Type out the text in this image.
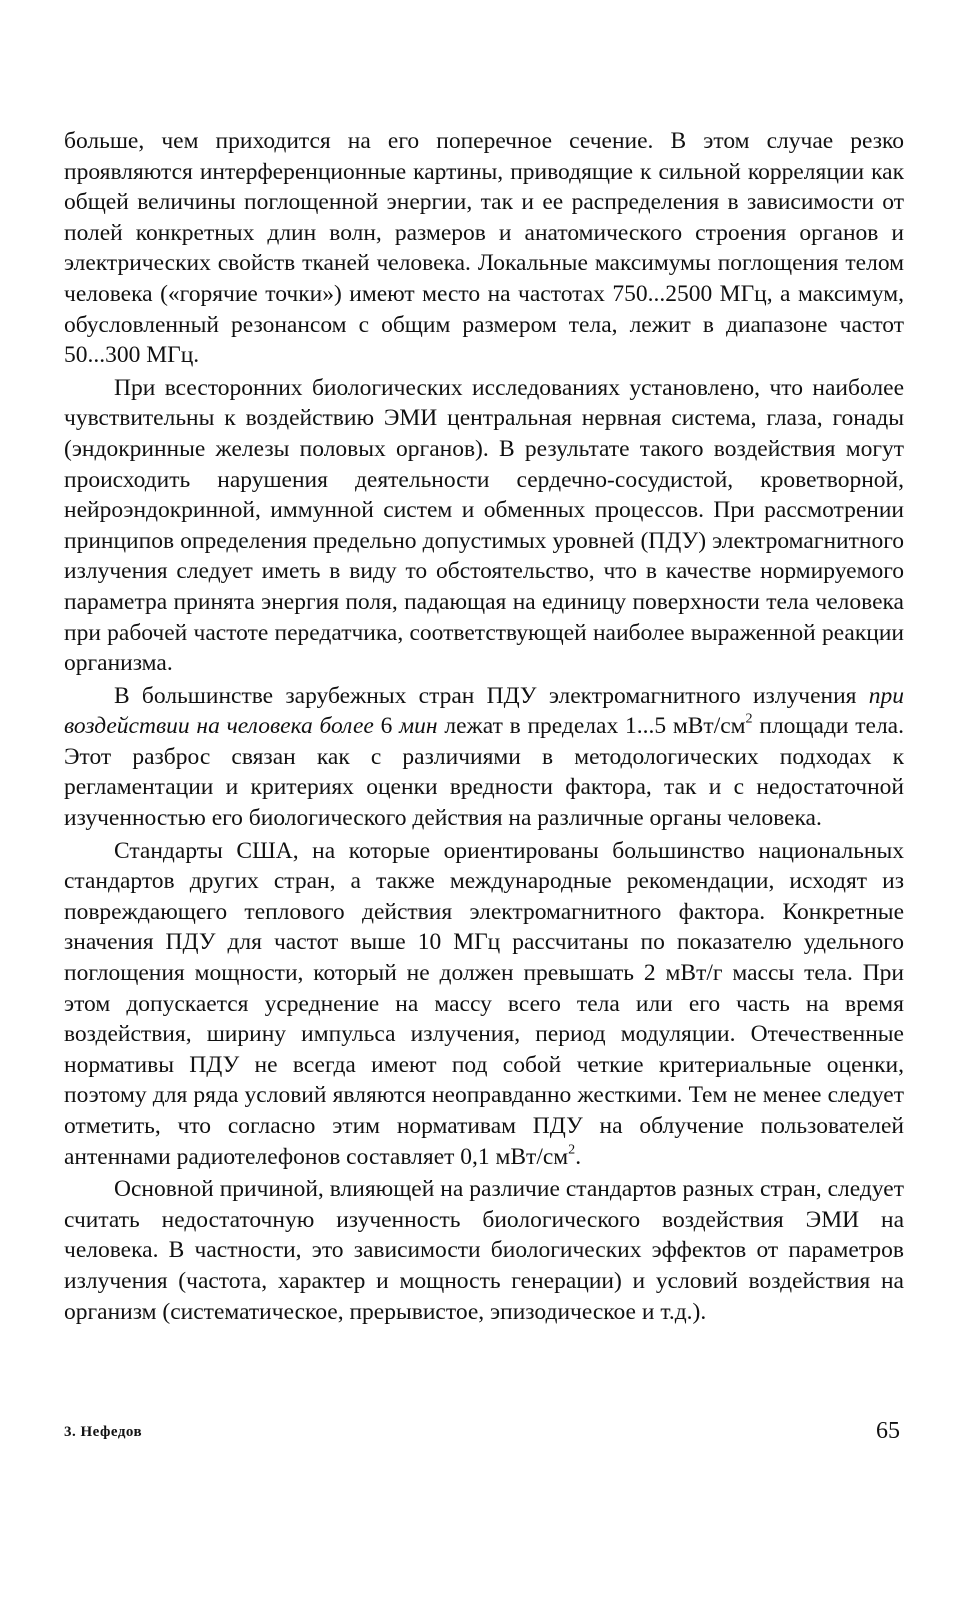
больше, чем приходится на его поперечное сечение. В этом случае резко проявляются интерференционные картины, приводящие к сильной корреляции как общей величины поглощенной энергии, так и ее распределения в зависимости от полей конкретных длин волн, размеров и анатомического строения органов и электрических свойств тканей человека. Локальные максимумы поглощения телом человека («горячие точки») имеют место на частотах 750...2500 МГц, а максимум, обусловленный резонансом с общим размером тела, лежит в диапазоне частот 50...300 МГц.

При всесторонних биологических исследованиях установлено, что наиболее чувствительны к воздействию ЭМИ центральная нервная система, глаза, гонады (эндокринные железы половых органов). В результате такого воздействия могут происходить нарушения деятельности сердечно-сосудистой, кроветворной, нейроэндокринной, иммунной систем и обменных процессов. При рассмотрении принципов определения предельно допустимых уровней (ПДУ) электромагнитного излучения следует иметь в виду то обстоятельство, что в качестве нормируемого параметра принята энергия поля, падающая на единицу поверхности тела человека при рабочей частоте передатчика, соответствующей наиболее выраженной реакции организма.

В большинстве зарубежных стран ПДУ электромагнитного излучения при воздействии на человека более 6 мин лежат в пределах 1...5 мВт/$см^2$ площади тела. Этот разброс связан как с различиями в методологических подходах к регламентации и критериях оценки вредности фактора, так и с недостаточной изученностью его биологического действия на различные органы человека.

Стандарты США, на которые ориентированы большинство национальных стандартов других стран, а также международные рекомендации, исходят из повреждающего теплового действия электромагнитного фактора. Конкретные значения ПДУ для частот выше 10 МГц рассчитаны по показателю удельного поглощения мощности, который не должен превышать 2 мВт/г массы тела. При этом допускается усреднение на массу всего тела или его часть на время воздействия, ширину импульса излучения, период модуляции. Отечественные нормативы ПДУ не всегда имеют под собой четкие критериальные оценки, поэтому для ряда условий являются неоправданно жесткими. Тем не менее следует отметить, что согласно этим нормативам ПДУ на облучение пользователей антеннами радиотелефонов составляет 0,1 мВт/$см^2$.

Основной причиной, влияющей на различие стандартов разных стран, следует считать недостаточную изученность биологического воздействия ЭМИ на человека. В частности, это зависимости биологических эффектов от параметров излучения (частота, характер и мощность генерации) и условий воздействия на организм (систематическое, прерывистое, эпизодическое и т.д.).

3. Нефедов	65
